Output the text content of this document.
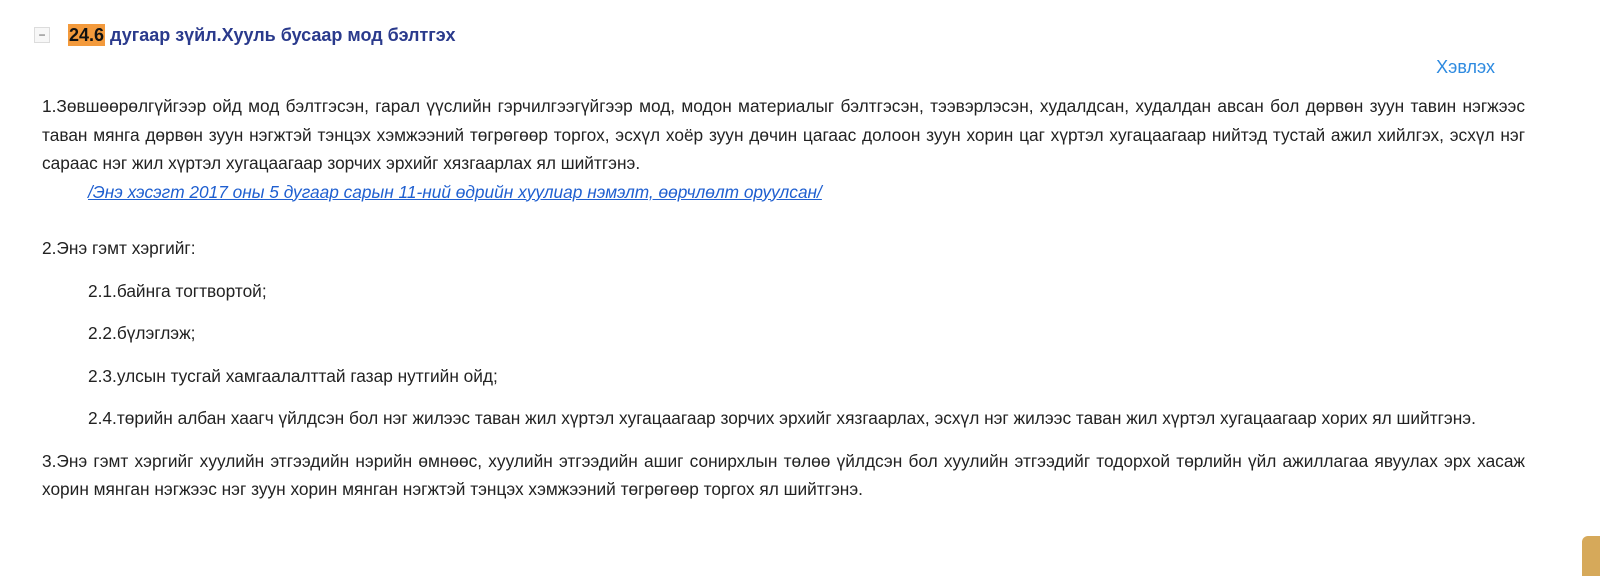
− 24.6 дугаар зүйл.Хууль бусаар мод бэлтгэх
Хэвлэх

1.Зөвшөөрөлгүйгээр ойд мод бэлтгэсэн, гарал үүслийн гэрчилгээгүйгээр мод, модон материалыг бэлтгэсэн, тээвэрлэсэн, худалдсан, худалдан авсан бол дөрвөн зуун тавин нэгжээс таван мянга дөрвөн зуун нэгжтэй тэнцэх хэмжээний төгрөгөөр торгох, эсхүл хоёр зуун дөчин цагаас долоон зуун хорин цаг хүртэл хугацаагаар нийтэд тустай ажил хийлгэх, эсхүл нэг сараас нэг жил хүртэл хугацаагаар зорчих эрхийг хязгаарлах ял шийтгэнэ.

/Энэ хэсэгт 2017 оны 5 дугаар сарын 11-ний өдрийн хуулиар нэмэлт, өөрчлөлт оруулсан/

2.Энэ гэмт хэргийг:

2.1.байнга тогтвортой;

2.2.бүлэглэж;

2.3.улсын тусгай хамгаалалттай газар нутгийн ойд;

2.4.төрийн албан хаагч үйлдсэн бол нэг жилээс таван жил хүртэл хугацаагаар зорчих эрхийг хязгаарлах, эсхүл нэг жилээс таван жил хүртэл хугацаагаар хорих ял шийтгэнэ.

3.Энэ гэмт хэргийг хуулийн этгээдийн нэрийн өмнөөс, хуулийн этгээдийн ашиг сонирхлын төлөө үйлдсэн бол хуулийн этгээдийг тодорхой төрлийн үйл ажиллагаа явуулах эрх хасаж хорин мянган нэгжээс нэг зуун хорин мянган нэгжтэй тэнцэх хэмжээний төгрөгөөр торгох ял шийтгэнэ.
